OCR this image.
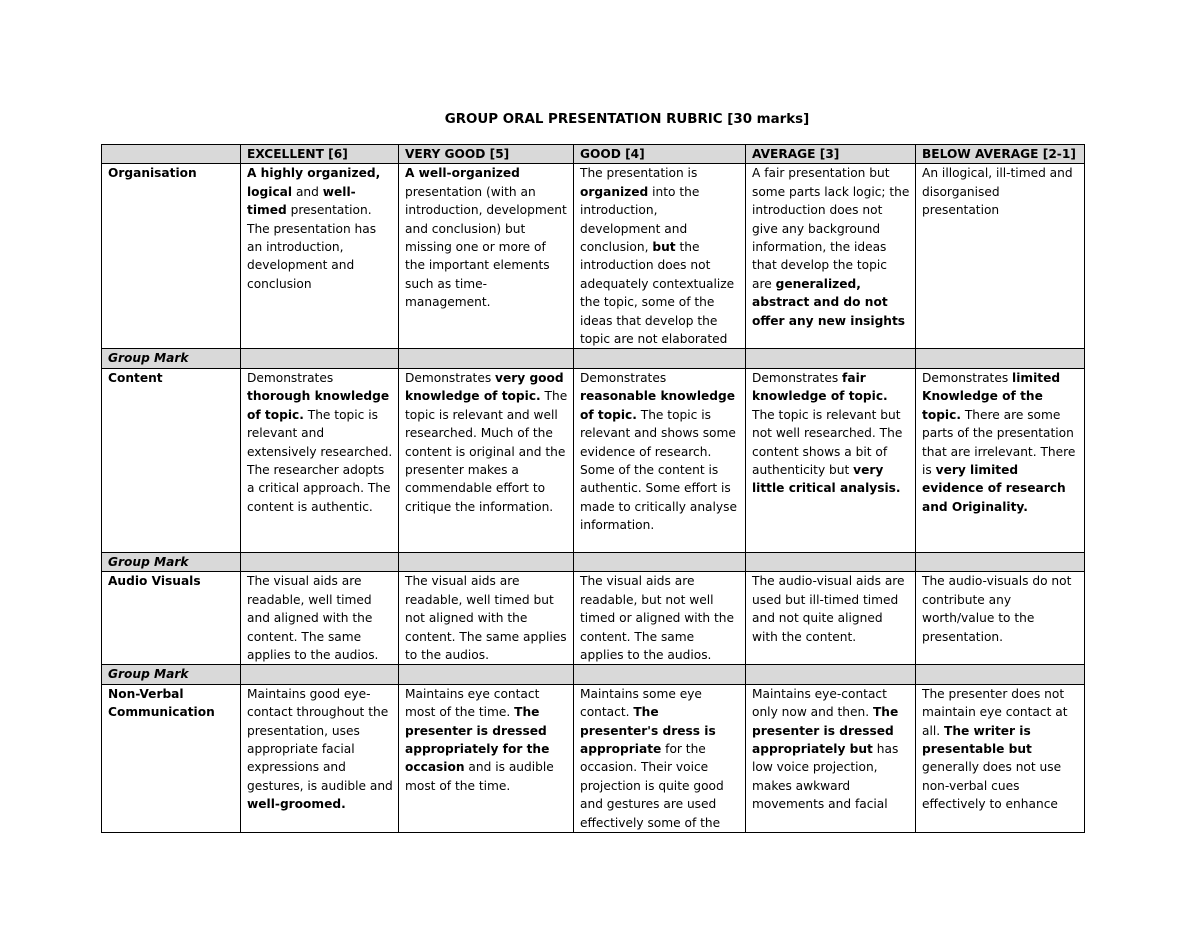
GROUP ORAL PRESENTATION RUBRIC [30 marks]
	EXCELLENT [6]	VERY GOOD [5]	GOOD [4]	AVERAGE [3]	BELOW AVERAGE [2-1]
Organisation	A highly organized, logical and well-timed presentation. The presentation has an introduction, development and conclusion	A well-organized presentation (with an introduction, development and conclusion) but missing one or more of the important elements such as time-management.	The presentation is organized into the introduction, development and conclusion, but the introduction does not adequately contextualize the topic, some of the ideas that develop the topic are not elaborated	A fair presentation but some parts lack logic; the introduction does not give any background information, the ideas that develop the topic are generalized, abstract and do not offer any new insights	An illogical, ill-timed and disorganised presentation
Group Mark					
Content	Demonstrates thorough knowledge of topic. The topic is relevant and extensively researched. The researcher adopts a critical approach. The content is authentic.	Demonstrates very good knowledge of topic. The topic is relevant and well researched. Much of the content is original and the presenter makes a commendable effort to critique the information.	Demonstrates reasonable knowledge of topic. The topic is relevant and shows some evidence of research. Some of the content is authentic. Some effort is made to critically analyse information.	Demonstrates fair knowledge of topic. The topic is relevant but not well researched. The content shows a bit of authenticity but very little critical analysis.	Demonstrates limited Knowledge of the topic. There are some parts of the presentation that are irrelevant. There is very limited evidence of research and Originality.
Group Mark					
Audio Visuals	The visual aids are readable, well timed and aligned with the content. The same applies to the audios.	The visual aids are readable, well timed but not aligned with the content. The same applies to the audios.	The visual aids are readable, but not well timed or aligned with the content. The same applies to the audios.	The audio-visual aids are used but ill-timed timed and not quite aligned with the content.	The audio-visuals do not contribute any worth/value to the presentation.
Group Mark					
Non-Verbal Communication	Maintains good eye-contact throughout the presentation, uses appropriate facial expressions and gestures, is audible and well-groomed.	Maintains eye contact most of the time. The presenter is dressed appropriately for the occasion and is audible most of the time.	Maintains some eye contact. The presenter's dress is appropriate for the occasion. Their voice projection is quite good and gestures are used effectively some of the	Maintains eye-contact only now and then. The presenter is dressed appropriately but has low voice projection, makes awkward movements and facial	The presenter does not maintain eye contact at all. The writer is presentable but generally does not use non-verbal cues effectively to enhance
